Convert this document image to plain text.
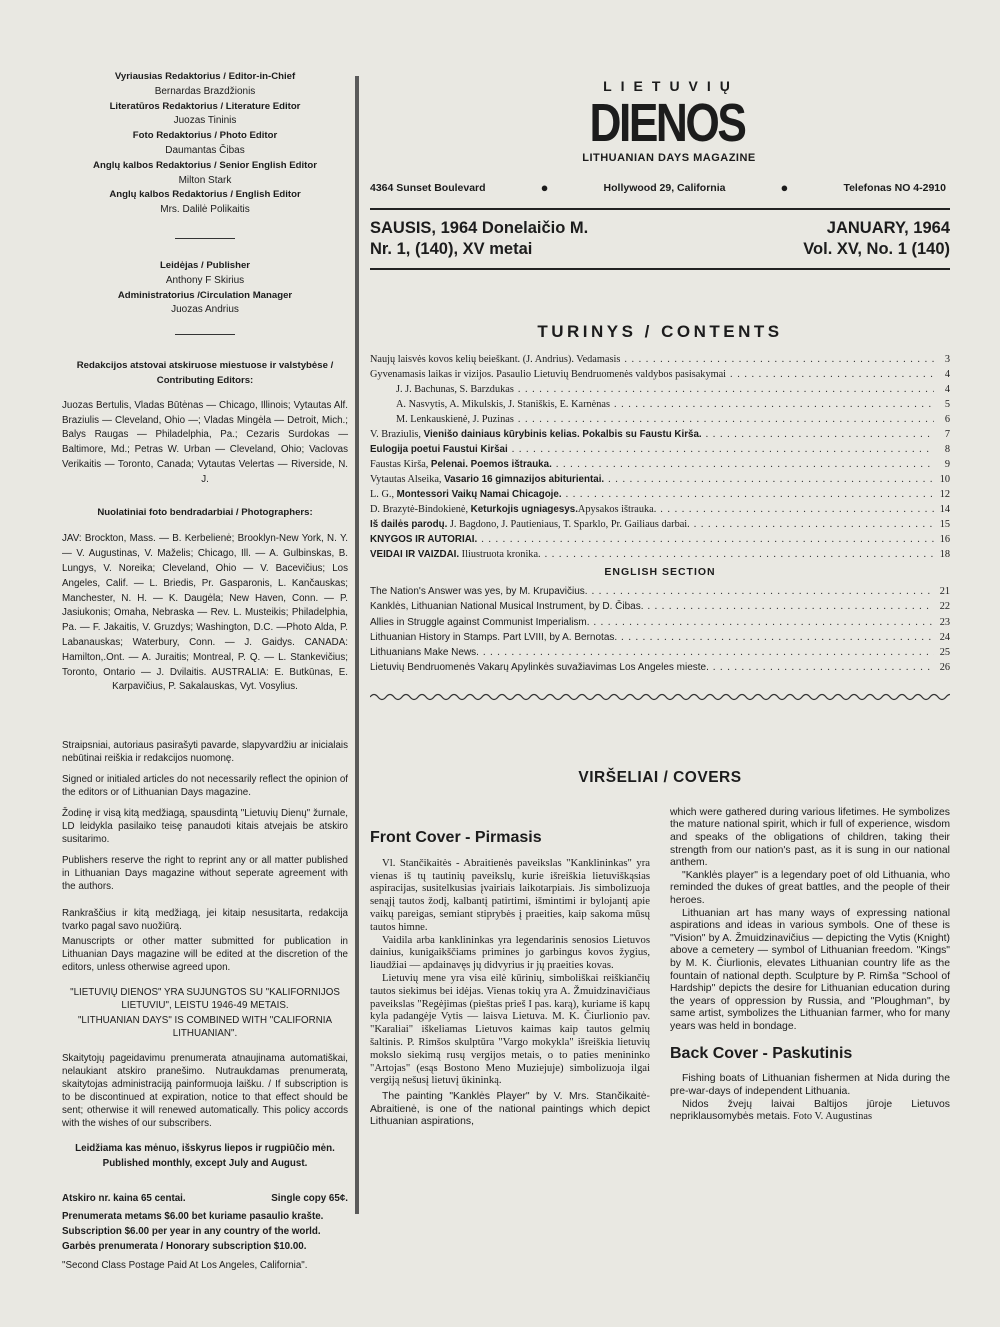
Vyriausias Redaktorius / Editor-in-Chief
Bernardas Brazdžionis
Literatūros Redaktorius / Literature Editor
Juozas Tininis
Foto Redaktorius / Photo Editor
Daumantas Čibas
Anglų kalbos Redaktorius / Senior English Editor
Milton Stark
Anglų kalbos Redaktorius / English Editor
Mrs. Dalilė Polikaitis
Leidėjas / Publisher
Anthony F Skirius
Administratorius /Circulation Manager
Juozas Andrius
Redakcijos atstovai atskiruose miestuose ir valstybėse / Contributing Editors:
Juozas Bertulis, Vladas Būtėnas — Chicago, Illinois; Vytautas Alf. Braziulis — Cleveland, Ohio —; Vladas Mingėla — Detroit, Mich.; Balys Raugas — Philadelphia, Pa.; Cezaris Surdokas — Baltimore, Md.; Petras W. Urban — Cleveland, Ohio; Vaclovas Verikaitis — Toronto, Canada; Vytautas Velertas — Riverside, N. J.
Nuolatiniai foto bendradarbiai / Photographers:
JAV: Brockton, Mass. — B. Kerbelienė; Brooklyn-New York, N. Y. — V. Augustinas, V. Maželis; Chicago, Ill. — A. Gulbinskas, B. Lungys, V. Noreika; Cleveland, Ohio — V. Bacevičius; Los Angeles, Calif. — L. Briedis, Pr. Gasparonis, L. Kančauskas; Manchester, N. H. — K. Daugėla; New Haven, Conn. — P. Jasiukonis; Omaha, Nebraska — Rev. L. Musteikis; Philadelphia, Pa. — F. Jakaitis, V. Gruzdys; Washington, D.C. —Photo Alda, P. Labanauskas; Waterbury, Conn. — J. Gaidys. CANADA: Hamilton,.Ont. — A. Juraitis; Montreal, P. Q. — L. Stankevičius; Toronto, Ontario — J. Dvilaitis. AUSTRALIA: E. Butkūnas, E. Karpavičius, P. Sakalauskas, Vyt. Vosylius.

Straipsniai, autoriaus pasirašyti pavarde, slapyvardžiu ar inicialais nebūtinai reiškia ir redakcijos nuomonę.

Signed or initialed articles do not necessarily reflect the opinion of the editors or of Lithuanian Days magazine.

Žodinę ir visą kitą medžiagą, spausdintą "Lietuvių Dienų" žurnale, LD leidykla pasilaiko teisę panaudoti kitais atvejais be atskiro susitarimo.

Publishers reserve the right to reprint any or all matter published in Lithuanian Days magazine without seperate agreement with the authors.

Rankraščius ir kitą medžiagą, jei kitaip nesusitarta, redakcija tvarko pagal savo nuožiūrą.

Manuscripts or other matter submitted for publication in Lithuanian Days magazine will be edited at the discretion of the editors, unless otherwise agreed upon.

"LIETUVIŲ DIENOS" YRA SUJUNGTOS SU "KALIFORNIJOS LIETUVIU", LEISTU 1946-49 METAIS.

"LITHUANIAN DAYS" IS COMBINED WITH "CALIFORNIA LITHUANIAN".

Skaitytojų pageidavimu prenumerata atnaujinama automatiškai, nelaukiant atskiro pranešimo. Nutraukdamas prenumeratą, skaitytojas administraciją painformuoja laišku. / If subscription is to be discontinued at expiration, notice to that effect should be sent; otherwise it will renewed automatically. This policy accords with the wishes of our subscribers.

Leidžiama kas mėnuo, išskyrus liepos ir rugpiūčio mėn.
Published monthly, except July and August.
Atskiro nr. kaina 65 centai.	Single copy 65¢.
Prenumerata metams $6.00 bet kuriame pasaulio krašte.
Subscription $6.00 per year in any country of the world.
Garbės prenumerata / Honorary subscription $10.00.
"Second Class Postage Paid At Los Angeles, California".
LIETUVIŲ
DIENOS
LITHUANIAN DAYS MAGAZINE
4364 Sunset Boulevard	●	Hollywood 29, California	●	Telefonas NO 4-2910
SAUSIS, 1964 Donelaičio M.
Nr. 1, (140), XV metai
JANUARY, 1964
Vol. XV, No. 1 (140)
TURINYS / CONTENTS
Naujų laisvės kovos kelių beieškant. (J. Andrius). Vedamasis . . .	3
Gyvenamasis laikas ir vizijos. Pasaulio Lietuvių Bendruomenės valdybos pasisakymai . . .	4
J. J. Bachunas, S. Barzdukas . . .	4
A. Nasvytis, A. Mikulskis, J. Staniškis, E. Karnėnas . . .	5
M. Lenkauskienė, J. Puzinas . . .	6
V. Braziulis, Vienišo dainiaus kūrybinis kelias. Pokalbis su Faustu Kirša. . . .	7
Eulogija poetui Faustui Kiršai . . .	8
Faustas Kirša, Pelenai. Poemos ištrauka. . . .	9
Vytautas Alseika, Vasario 16 gimnazijos abiturientai. . . .	10
L. G., Montessori Vaikų Namai Chicagoje. . . .	12
D. Brazytė-Bindokienė, Keturkojis ugniagesys.Apysakos ištrauka. . . .	14
Iš dailės parodų. J. Bagdono, J. Pautieniaus, T. Sparklo, Pr. Gailiaus darbai. . . .	15
KNYGOS IR AUTORIAI. . . .	16
VEIDAI IR VAIZDAI. Iliustruota kronika. . . .	18
ENGLISH SECTION
The Nation's Answer was yes, by M. Krupavičius. . . .	21
Kanklės, Lithuanian National Musical Instrument, by D. Čibas. . . .	22
Allies in Struggle against Communist Imperialism. . . .	23
Lithuanian History in Stamps. Part LVIII, by A. Bernotas. . . .	24
Lithuanians Make News. . . .	25
Lietuvių Bendruomenės Vakarų Apylinkės suvažiavimas Los Angeles mieste. . . .	26
VIRŠELIAI / COVERS
Front Cover - Pirmasis

Vl. Stančikaitės - Abraitienės paveikslas "Kanklininkas" yra vienas iš tų tautinių paveikslų, kurie išreiškia lietuviškąsias aspiracijas, susitelkusias įvairiais laikotarpiais. Jis simbolizuoja senąjį tautos žodį, kalbantį patirtimi, išmintimi ir bylojantį apie vaikų pareigas, semiant stiprybės į praeities, kaip sakoma mūsų tautos himne.

Vaidila arba kanklininkas yra legendarinis senosios Lietuvos dainius, kunigaikščiams primines jo garbingus kovos žygius, liaudžiai — apdainavęs jų didvyrius ir jų praeities kovas.

Lietuvių mene yra visa eilė kūrinių, simboliškai reiškiančių tautos siekimus bei idėjas. Vienas tokių yra A. Žmuidzinavičiaus paveikslas "Regėjimas (pieštas prieš I pas. karą), kuriame iš kapų kyla padangėje Vytis — laisva Lietuva. M. K. Čiurlionio pav. "Karaliai" iškeliamas Lietuvos kaimas kaip tautos gelmių šaltinis. P. Rimšos skulptūra "Vargo mokykla" išreiškia lietuvių mokslo siekimą rusų vergijos metais, o to paties menininko "Artojas" (esąs Bostono Meno Muziejuje) simbolizuoja ilgai vergiją nešusį lietuvį ūkininką.

The painting "Kanklės Player" by V. Mrs. Stančikaitė-Abraitienė, is one of the national paintings which depict Lithuanian aspirations,

which were gathered during various lifetimes. He symbolizes the mature national spirit, which ir full of experience, wisdom and speaks of the obligations of children, taking their strength from our nation's past, as it is sung in our national anthem.

"Kanklės player" is a legendary poet of old Lithuania, who reminded the dukes of great battles, and the people of their heroes.

Lithuanian art has many ways of expressing national aspirations and ideas in various symbols. One of these is "Vision" by A. Žmuidzinavičius — depicting the Vytis (Knight) above a cemetery — symbol of Lithuanian freedom. "Kings" by M. K. Čiurlionis, elevates Lithuanian country life as the fountain of national depth. Sculpture by P. Rimša "School of Hardship" depicts the desire for Lithuanian education during the years of oppression by Russia, and "Ploughman", by same artist, symbolizes the Lithuanian farmer, who for many years was held in bondage.

Back Cover - Paskutinis

Fishing boats of Lithuanian fishermen at Nida during the pre-war-days of independent Lithuania.

Nidos žvejų laivai Baltijos jūroje Lietuvos nepriklausomybės metais. Foto V. Augustinas
